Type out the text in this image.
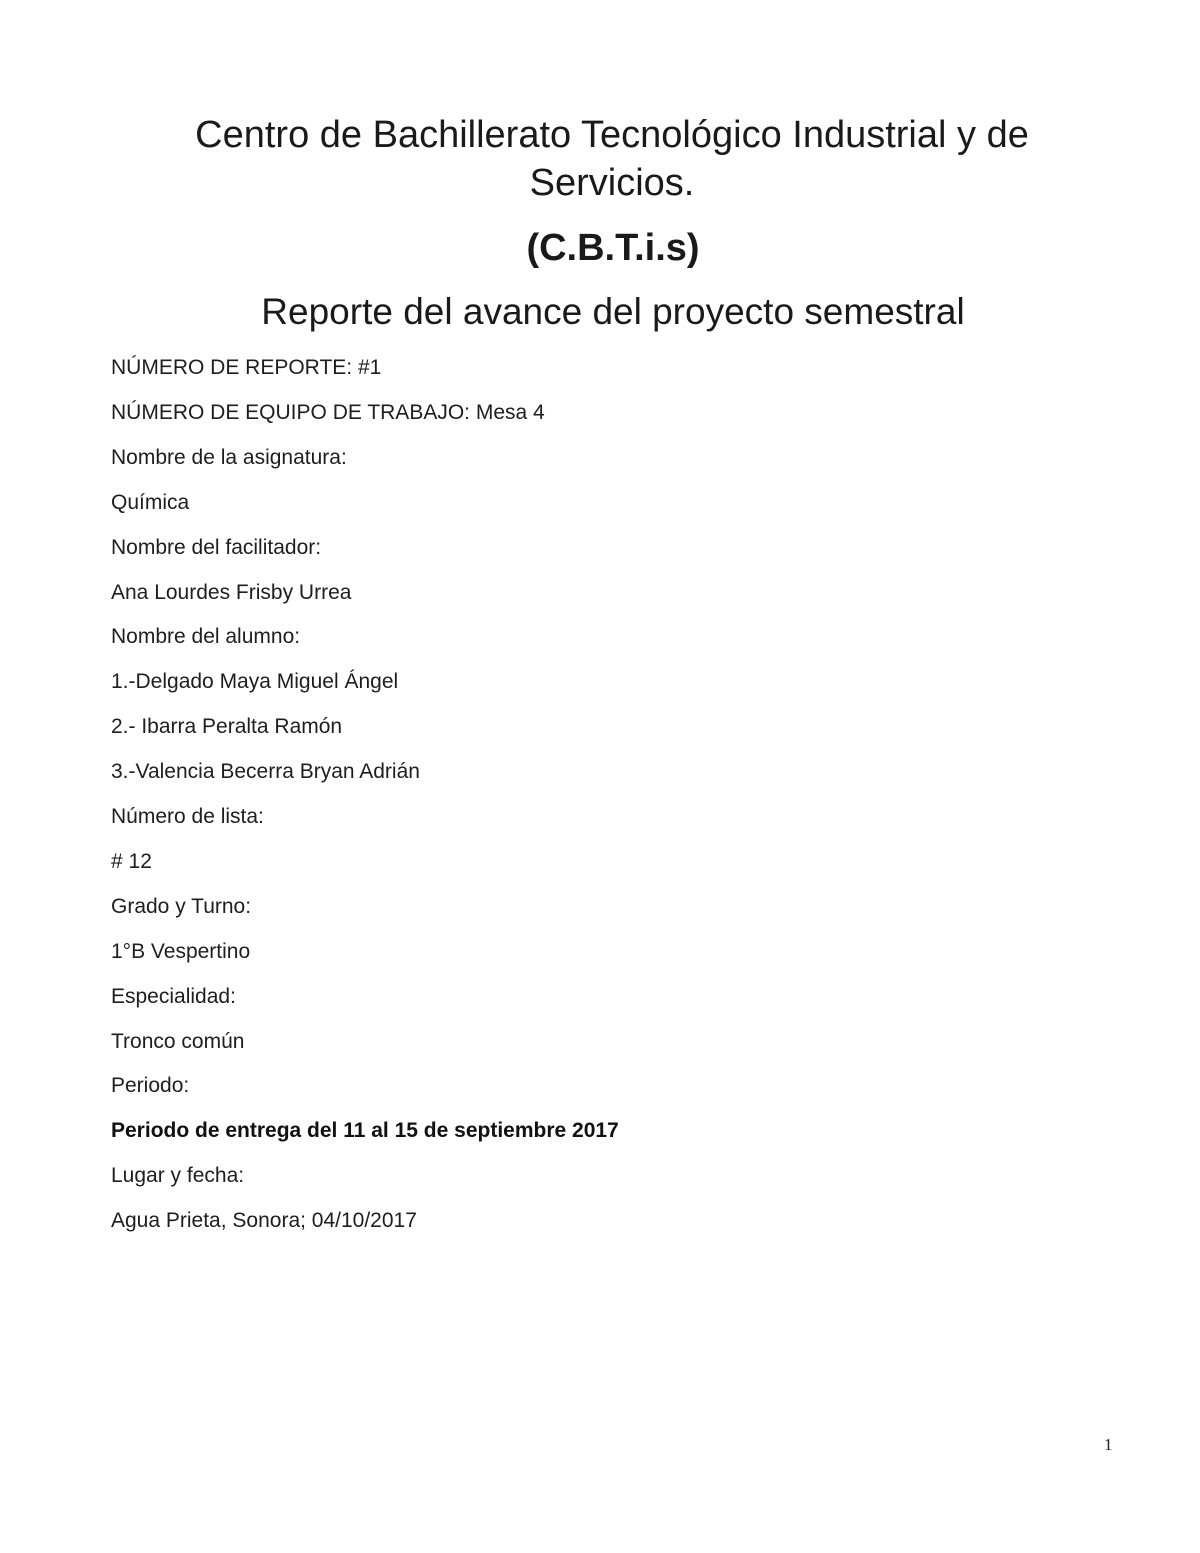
Centro de Bachillerato Tecnológico Industrial y de
Servicios.
(C.B.T.i.s)
Reporte del avance del proyecto semestral
NÚMERO DE REPORTE: #1
NÚMERO DE EQUIPO DE TRABAJO: Mesa 4
Nombre de la asignatura:
Química
Nombre del facilitador:
Ana Lourdes Frisby Urrea
Nombre del alumno:
1.-Delgado Maya Miguel Ángel
2.- Ibarra Peralta Ramón
3.-Valencia Becerra Bryan Adrián
Número de lista:
# 12
Grado y Turno:
1°B Vespertino
Especialidad:
Tronco común
Periodo:
Periodo de entrega del 11 al 15 de septiembre 2017
Lugar y fecha:
Agua Prieta, Sonora; 04/10/2017
1
